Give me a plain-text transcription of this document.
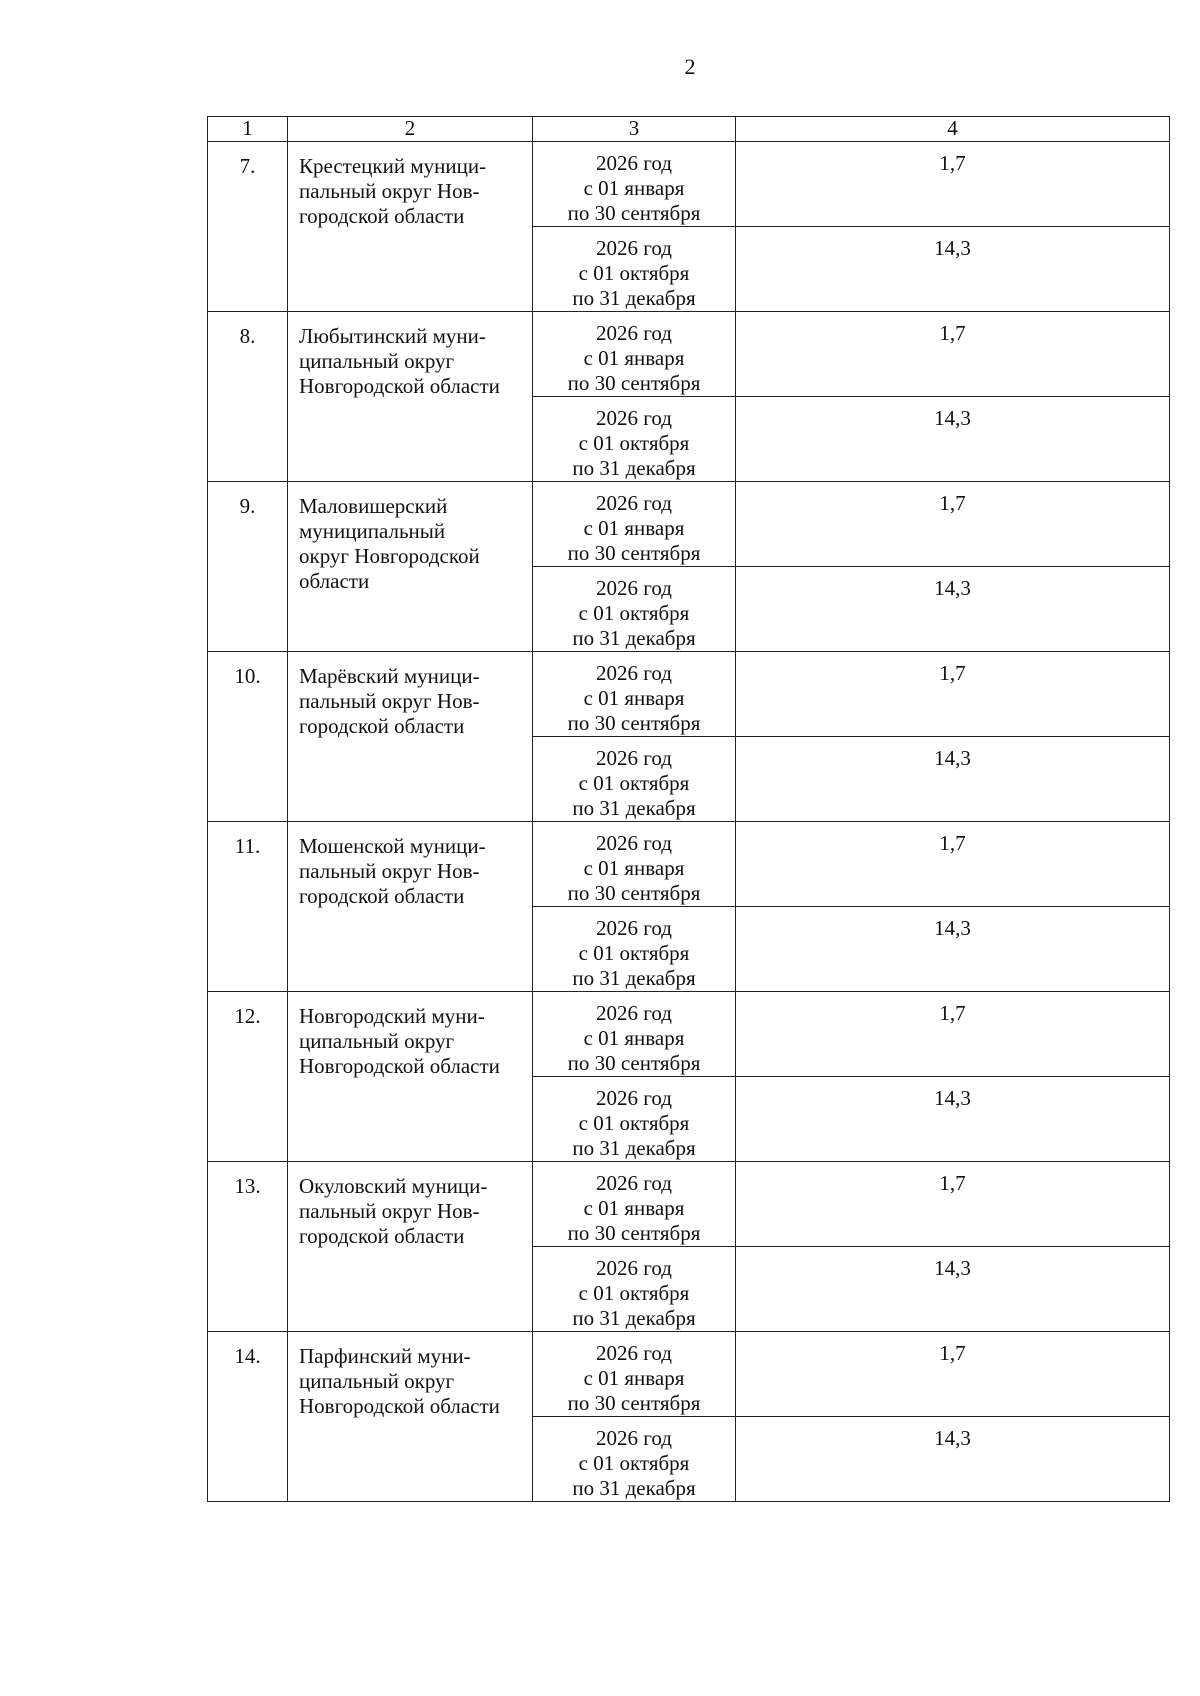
2
1	2	3	4
7.	Крестецкий муници-
пальный округ Нов-
городской области	2026 год
с 01 января
по 30 сентября	1,7

		2026 год
с 01 октября
по 31 декабря	14,3
8.	Любытинский муни-
ципальный округ
Новгородской области	2026 год
с 01 января
по 30 сентября	1,7

		2026 год
с 01 октября
по 31 декабря	14,3
9.	Маловишерский
муниципальный
округ Новгородской
области	2026 год
с 01 января
по 30 сентября	1,7

		2026 год
с 01 октября
по 31 декабря	14,3
10.	Марёвский муници-
пальный округ Нов-
городской области	2026 год
с 01 января
по 30 сентября	1,7

		2026 год
с 01 октября
по 31 декабря	14,3
11.	Мошенской муници-
пальный округ Нов-
городской области	2026 год
с 01 января
по 30 сентября	1,7

		2026 год
с 01 октября
по 31 декабря	14,3
12.	Новгородский муни-
ципальный округ
Новгородской области	2026 год
с 01 января
по 30 сентября	1,7

		2026 год
с 01 октября
по 31 декабря	14,3
13.	Окуловский муници-
пальный округ Нов-
городской области	2026 год
с 01 января
по 30 сентября	1,7

		2026 год
с 01 октября
по 31 декабря	14,3
14.	Парфинский муни-
ципальный округ
Новгородской области	2026 год
с 01 января
по 30 сентября	1,7

		2026 год
с 01 октября
по 31 декабря	14,3
